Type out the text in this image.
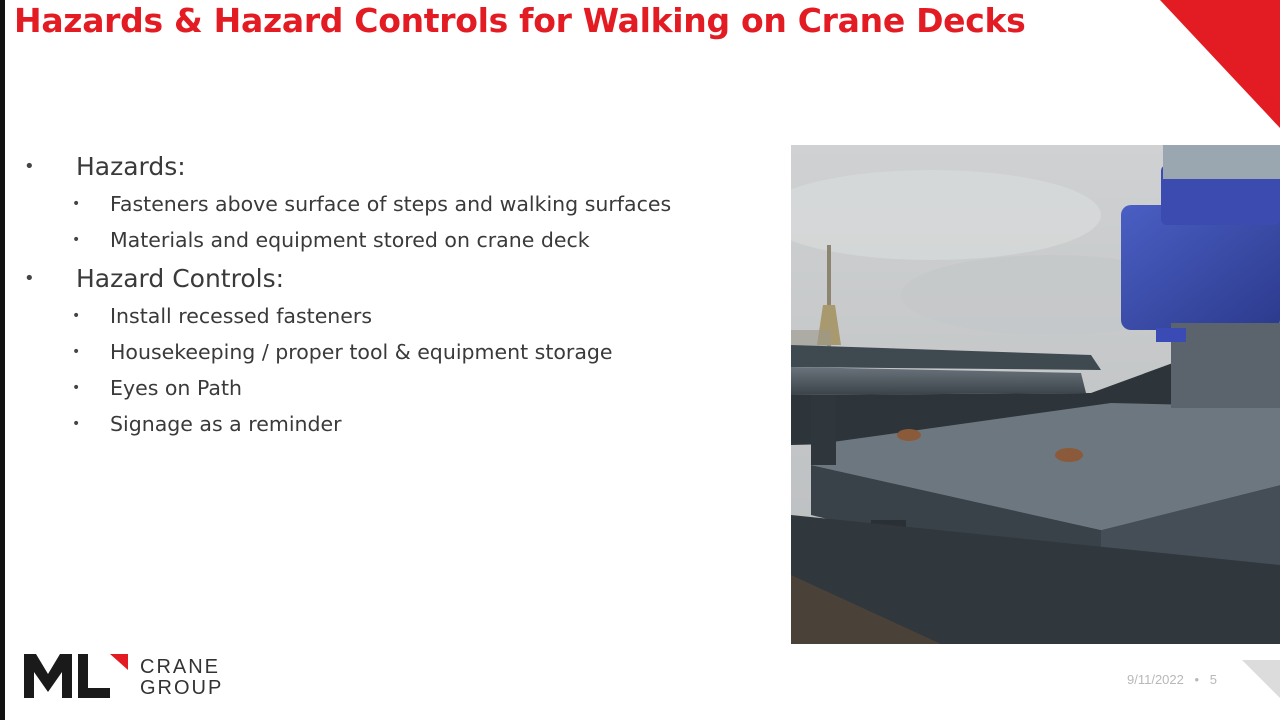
Hazards & Hazard Controls for Walking on Crane Decks
•	Hazards:
•	Fasteners above surface of steps and walking surfaces
•	Materials and equipment stored on crane deck
•	Hazard Controls:
•	Install recessed fasteners
•	Housekeeping / proper tool & equipment storage
•	Eyes on Path
•	Signage as a reminder
9/11/2022 • 5
CRANE
GROUP
